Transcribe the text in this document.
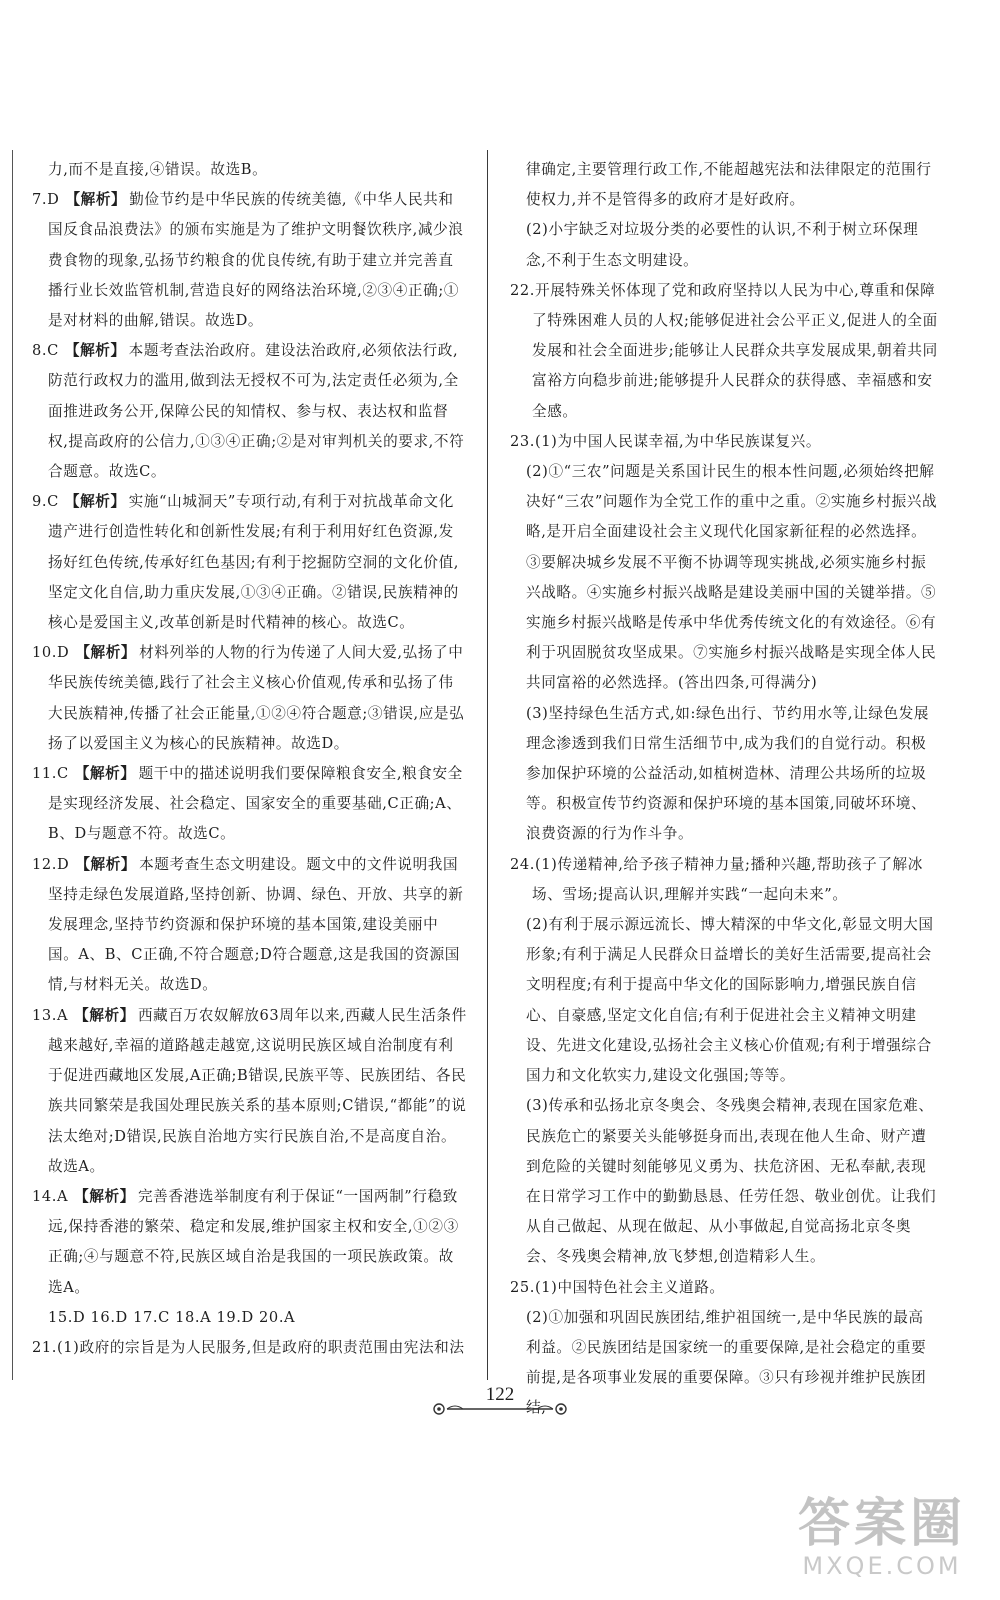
力,而不是直接,④错误。故选B。

7.D 【解析】 勤俭节约是中华民族的传统美德,《中华人民共和国反食品浪费法》的颁布实施是为了维护文明餐饮秩序,减少浪费食物的现象,弘扬节约粮食的优良传统,有助于建立并完善直播行业长效监管机制,营造良好的网络法治环境,②③④正确;①是对材料的曲解,错误。故选D。

8.C 【解析】 本题考查法治政府。建设法治政府,必须依法行政,防范行政权力的滥用,做到法无授权不可为,法定责任必须为,全面推进政务公开,保障公民的知情权、参与权、表达权和监督权,提高政府的公信力,①③④正确;②是对审判机关的要求,不符合题意。故选C。

9.C 【解析】 实施“山城洞天”专项行动,有利于对抗战革命文化遗产进行创造性转化和创新性发展;有利于利用好红色资源,发扬好红色传统,传承好红色基因;有利于挖掘防空洞的文化价值,坚定文化自信,助力重庆发展,①③④正确。②错误,民族精神的核心是爱国主义,改革创新是时代精神的核心。故选C。

10.D 【解析】 材料列举的人物的行为传递了人间大爱,弘扬了中华民族传统美德,践行了社会主义核心价值观,传承和弘扬了伟大民族精神,传播了社会正能量,①②④符合题意;③错误,应是弘扬了以爱国主义为核心的民族精神。故选D。

11.C 【解析】 题干中的描述说明我们要保障粮食安全,粮食安全是实现经济发展、社会稳定、国家安全的重要基础,C正确;A、B、D与题意不符。故选C。

12.D 【解析】 本题考查生态文明建设。题文中的文件说明我国坚持走绿色发展道路,坚持创新、协调、绿色、开放、共享的新发展理念,坚持节约资源和保护环境的基本国策,建设美丽中国。A、B、C正确,不符合题意;D符合题意,这是我国的资源国情,与材料无关。故选D。

13.A 【解析】 西藏百万农奴解放63周年以来,西藏人民生活条件越来越好,幸福的道路越走越宽,这说明民族区域自治制度有利于促进西藏地区发展,A正确;B错误,民族平等、民族团结、各民族共同繁荣是我国处理民族关系的基本原则;C错误,“都能”的说法太绝对;D错误,民族自治地方实行民族自治,不是高度自治。故选A。

14.A 【解析】 完善香港选举制度有利于保证“一国两制”行稳致远,保持香港的繁荣、稳定和发展,维护国家主权和安全,①②③正确;④与题意不符,民族区域自治是我国的一项民族政策。故选A。

15.D 16.D 17.C 18.A 19.D 20.A

21.(1)政府的宗旨是为人民服务,但是政府的职责范围由宪法和法

律确定,主要管理行政工作,不能超越宪法和法律限定的范围行使权力,并不是管得多的政府才是好政府。

(2)小宇缺乏对垃圾分类的必要性的认识,不利于树立环保理念,不利于生态文明建设。

22.开展特殊关怀体现了党和政府坚持以人民为中心,尊重和保障了特殊困难人员的人权;能够促进社会公平正义,促进人的全面发展和社会全面进步;能够让人民群众共享发展成果,朝着共同富裕方向稳步前进;能够提升人民群众的获得感、幸福感和安全感。

23.(1)为中国人民谋幸福,为中华民族谋复兴。

(2)①“三农”问题是关系国计民生的根本性问题,必须始终把解决好“三农”问题作为全党工作的重中之重。②实施乡村振兴战略,是开启全面建设社会主义现代化国家新征程的必然选择。③要解决城乡发展不平衡不协调等现实挑战,必须实施乡村振兴战略。④实施乡村振兴战略是建设美丽中国的关键举措。⑤实施乡村振兴战略是传承中华优秀传统文化的有效途径。⑥有利于巩固脱贫攻坚成果。⑦实施乡村振兴战略是实现全体人民共同富裕的必然选择。(答出四条,可得满分)

(3)坚持绿色生活方式,如:绿色出行、节约用水等,让绿色发展理念渗透到我们日常生活细节中,成为我们的自觉行动。积极参加保护环境的公益活动,如植树造林、清理公共场所的垃圾等。积极宣传节约资源和保护环境的基本国策,同破坏环境、浪费资源的行为作斗争。

24.(1)传递精神,给予孩子精神力量;播种兴趣,帮助孩子了解冰场、雪场;提高认识,理解并实践“一起向未来”。

(2)有利于展示源远流长、博大精深的中华文化,彰显文明大国形象;有利于满足人民群众日益增长的美好生活需要,提高社会文明程度;有利于提高中华文化的国际影响力,增强民族自信心、自豪感,坚定文化自信;有利于促进社会主义精神文明建设、先进文化建设,弘扬社会主义核心价值观;有利于增强综合国力和文化软实力,建设文化强国;等等。

(3)传承和弘扬北京冬奥会、冬残奥会精神,表现在国家危难、民族危亡的紧要关头能够挺身而出,表现在他人生命、财产遭到危险的关键时刻能够见义勇为、扶危济困、无私奉献,表现在日常学习工作中的勤勤恳恳、任劳任怨、敬业创优。让我们从自己做起、从现在做起、从小事做起,自觉高扬北京冬奥会、冬残奥会精神,放飞梦想,创造精彩人生。

25.(1)中国特色社会主义道路。

(2)①加强和巩固民族团结,维护祖国统一,是中华民族的最高利益。②民族团结是国家统一的重要保障,是社会稳定的重要前提,是各项事业发展的重要保障。③只有珍视并维护民族团结,

122
答案圈
MXQE.COM
